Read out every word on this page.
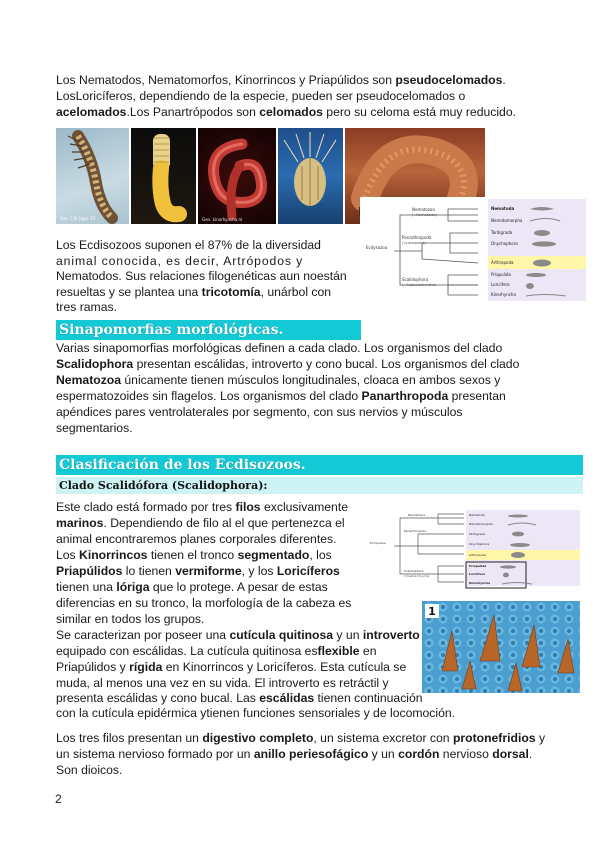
Los Nematodos, Nematomorfos, Kinorrincos y Priapúlidos son pseudocelomados.
LosLoricíferos, dependiendo de la especie, pueden ser pseudocelomados o
acelomados.Los Panartrópodos son celomados pero su celoma está muy reducido.
Fetr. C.B. Jaga. F2	Gen. kinorhyncha.nl
Nematozoa
(=Nematoida)
Panarthropoda
(=Lobopodia)
Ecdysozoa
Scalidophora
(=Cephalorhyncha)
Nematoda
Nematomorpha
Tardigrada
Onychophora
Arthropoda
Priapulida
Loricifera
Kinorhyncha
Los Ecdisozoos suponen el 87% de la diversidad
animal conocida, es decir, Artrópodos y
Nematodos. Sus relaciones filogenéticas aun noestán
resueltas y se plantea una tricotomía, unárbol con
tres ramas.
Sinapomorfias morfológicas.
Varias sinapomorfias morfológicas definen a cada clado. Los organismos del clado
Scalidophora presentan escálidas, introverto y cono bucal. Los organismos del clado
Nematozoa únicamente tienen músculos longitudinales, cloaca en ambos sexos y
espermatozoides sin flagelos. Los organismos del clado Panarthropoda presentan
apéndices pares ventrolaterales por segmento, con sus nervios y músculos
segmentarios.
Clasificación de los Ecdisozoos.
Clado Scalidófora (Scalidophora):
Este clado está formado por tres filos exclusivamente
marinos. Dependiendo de filo al el que pertenezca el
animal encontraremos planes corporales diferentes.
Los Kinorrincos tienen el tronco segmentado, los
Priapúlidos lo tienen vermiforme, y los Loricíferos
tienen una lóriga que lo protege. A pesar de estas
diferencias en su tronco, la morfología de la cabeza es
similar en todos los grupos.
Nematozoa
Panarthropoda
Ecdysozoa
Scalidophora
(=Cephalorhyncha)
Nematoda
Nematomorpha
Tardigrada
Onychophora
Arthropoda
Priapulida
Loricifera
Kinorhyncha
1
Se caracterizan por poseer una cutícula quitinosa y un introverto
equipado con escálidas. La cutícula quitinosa esflexible en
Priapúlidos y rígida en Kinorrincos y Loricíferos. Esta cutícula se
muda, al menos una vez en su vida. El introverto es retráctil y
presenta escálidas y cono bucal. Las escálidas tienen continuación
con la cutícula epidérmica ytienen funciones sensoriales y de locomoción.
Los tres filos presentan un digestivo completo, un sistema excretor con protonefridios y
un sistema nervioso formado por un anillo periesofágico y un cordón nervioso dorsal.
Son dioicos.
2
